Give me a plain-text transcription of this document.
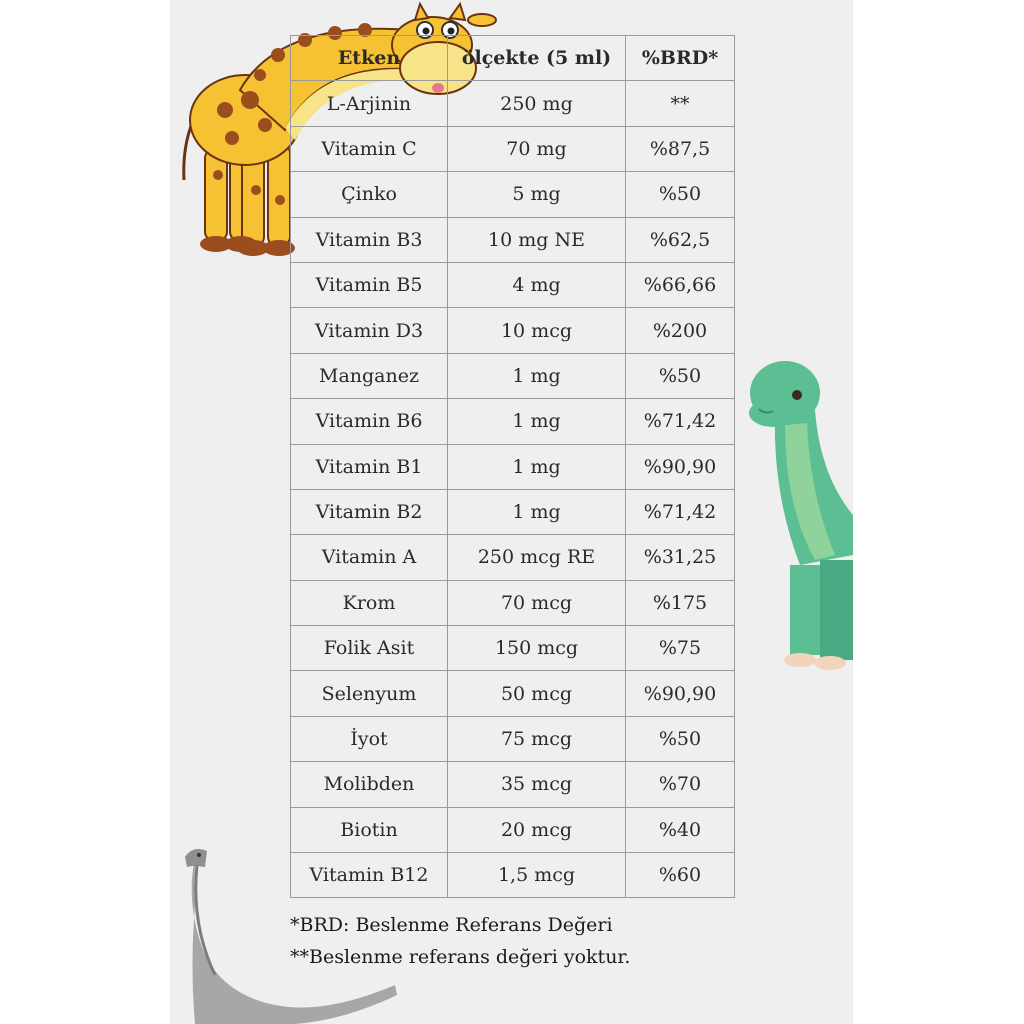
Etken	ölçekte (5 ml)	%BRD*
L-Arjinin	250 mg	**
Vitamin C	70 mg	%87,5
Çinko	5 mg	%50
Vitamin B3	10 mg NE	%62,5
Vitamin B5	4 mg	%66,66
Vitamin D3	10 mcg	%200
Manganez	1 mg	%50
Vitamin B6	1 mg	%71,42
Vitamin B1	1 mg	%90,90
Vitamin B2	1 mg	%71,42
Vitamin A	250 mcg RE	%31,25
Krom	70 mcg	%175
Folik Asit	150 mcg	%75
Selenyum	50 mcg	%90,90
İyot	75 mcg	%50
Molibden	35 mcg	%70
Biotin	20 mcg	%40
Vitamin B12	1,5 mcg	%60
*BRD: Beslenme Referans Değeri
**Beslenme referans değeri yoktur.
